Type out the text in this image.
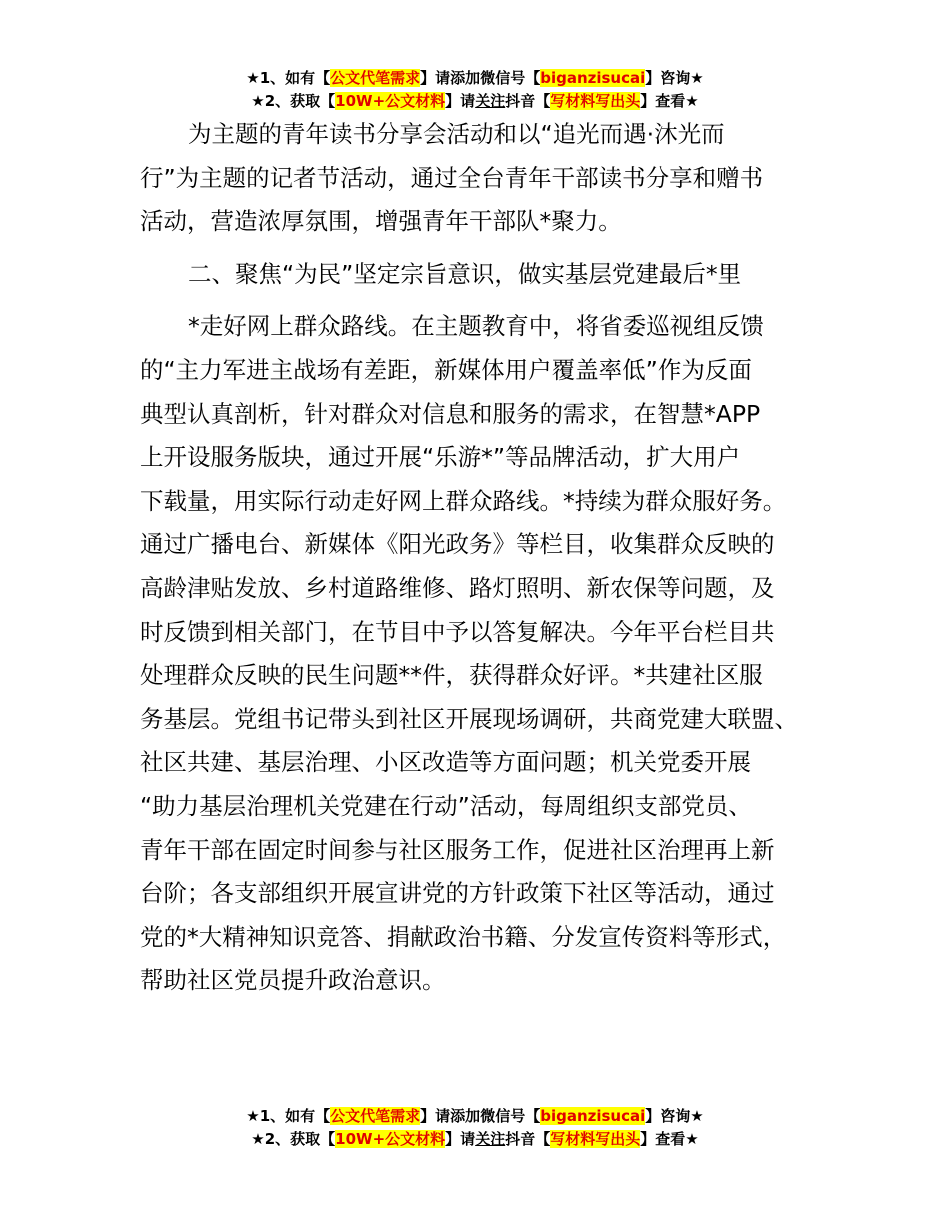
★1、如有【公文代笔需求】请添加微信号【biganzisucai】咨询★
★2、获取【10W+公文材料】请关注抖音【写材料写出头】查看★
为主题的青年读书分享会活动和以“追光而遇·沐光而
行”为主题的记者节活动，通过全台青年干部读书分享和赠书
活动，营造浓厚氛围，增强青年干部队*聚力。
二、聚焦“为民”坚定宗旨意识，做实基层党建最后*里
*走好网上群众路线。在主题教育中，将省委巡视组反馈
的“主力军进主战场有差距，新媒体用户覆盖率低”作为反面
典型认真剖析，针对群众对信息和服务的需求，在智慧*APP
上开设服务版块，通过开展“乐游*”等品牌活动，扩大用户
下载量，用实际行动走好网上群众路线。*持续为群众服好务。
通过广播电台、新媒体《阳光政务》等栏目，收集群众反映的
高龄津贴发放、乡村道路维修、路灯照明、新农保等问题，及
时反馈到相关部门，在节目中予以答复解决。今年平台栏目共
处理群众反映的民生问题**件，获得群众好评。*共建社区服
务基层。党组书记带头到社区开展现场调研，共商党建大联盟、
社区共建、基层治理、小区改造等方面问题；机关党委开展
“助力基层治理机关党建在行动”活动，每周组织支部党员、
青年干部在固定时间参与社区服务工作，促进社区治理再上新
台阶；各支部组织开展宣讲党的方针政策下社区等活动，通过
党的*大精神知识竞答、捐献政治书籍、分发宣传资料等形式，
帮助社区党员提升政治意识。
★1、如有【公文代笔需求】请添加微信号【biganzisucai】咨询★
★2、获取【10W+公文材料】请关注抖音【写材料写出头】查看★
